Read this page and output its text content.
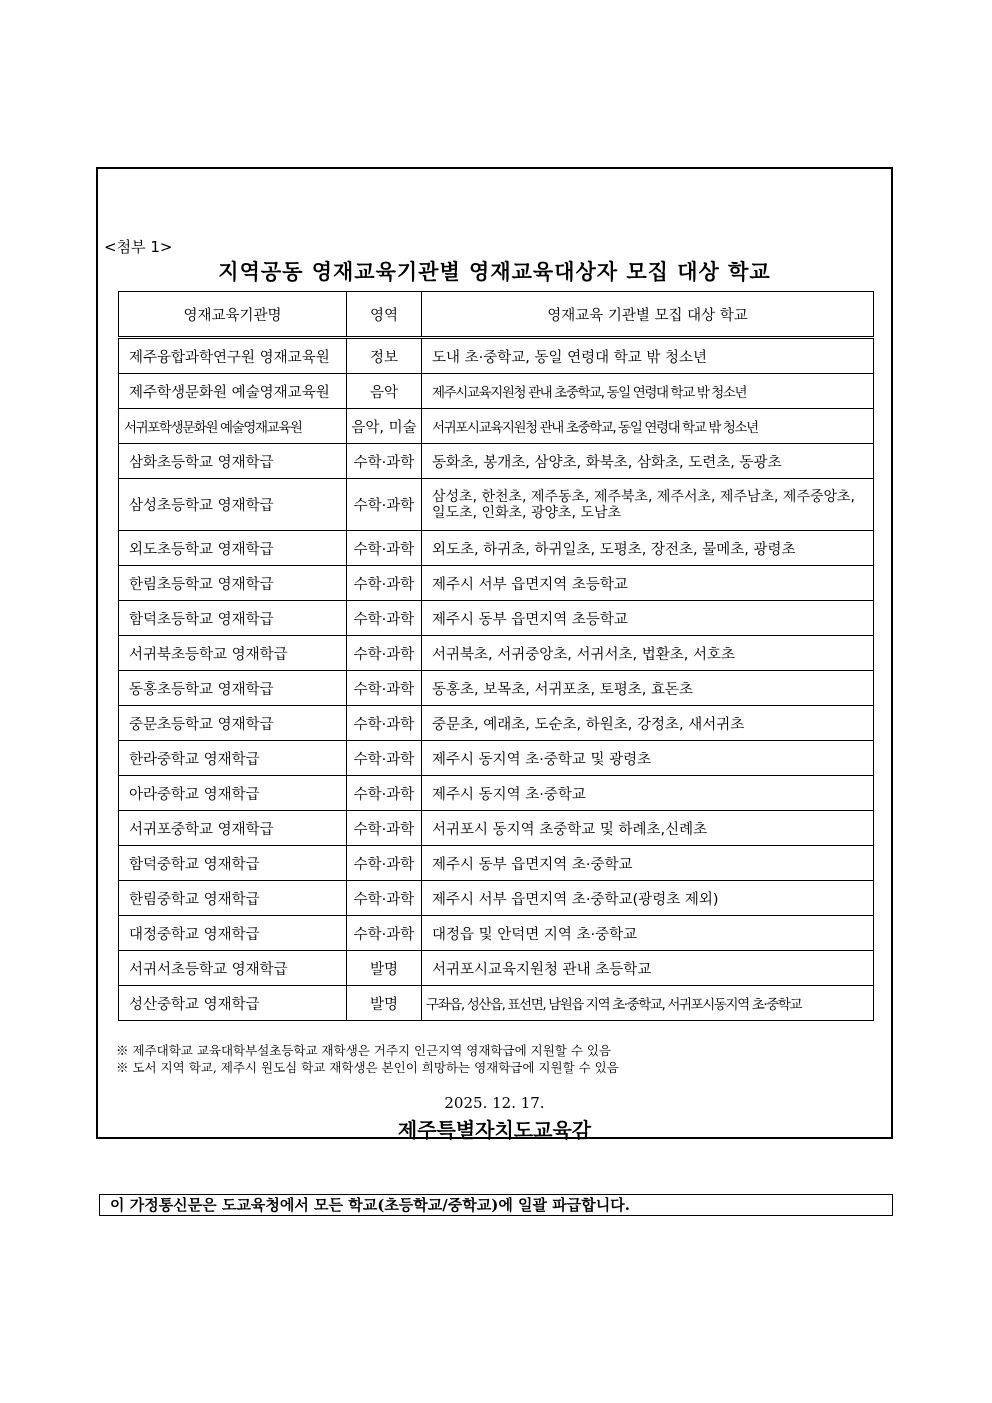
<첨부 1>
지역공동 영재교육기관별 영재교육대상자 모집 대상 학교
영재교육기관명	영역	영재교육 기관별 모집 대상 학교
제주융합과학연구원 영재교육원	정보	도내 초·중학교, 동일 연령대 학교 밖 청소년
제주학생문화원 예술영재교육원	음악	제주시교육지원청 관내 초중학교, 동일 연령대 학교 밖 청소년
서귀포학생문화원 예술영재교육원	음악, 미술	서귀포시교육지원청 관내 초중학교, 동일 연령대 학교 밖 청소년
삼화초등학교 영재학급	수학·과학	동화초, 봉개초, 삼양초, 화북초, 삼화초, 도련초, 동광초
삼성초등학교 영재학급	수학·과학	삼성초, 한천초, 제주동초, 제주북초, 제주서초, 제주남초, 제주중앙초, 일도초, 인화초, 광양초, 도남초
외도초등학교 영재학급	수학·과학	외도초, 하귀초, 하귀일초, 도평초, 장전초, 물메초, 광령초
한림초등학교 영재학급	수학·과학	제주시 서부 읍면지역 초등학교
함덕초등학교 영재학급	수학·과학	제주시 동부 읍면지역 초등학교
서귀북초등학교 영재학급	수학·과학	서귀북초, 서귀중앙초, 서귀서초, 법환초, 서호초
동홍초등학교 영재학급	수학·과학	동홍초, 보목초, 서귀포초, 토평초, 효돈초
중문초등학교 영재학급	수학·과학	중문초, 예래초, 도순초, 하원초, 강정초, 새서귀초
한라중학교 영재학급	수학·과학	제주시 동지역 초·중학교 및 광령초
아라중학교 영재학급	수학·과학	제주시 동지역 초·중학교
서귀포중학교 영재학급	수학·과학	서귀포시 동지역 초중학교 및 하례초,신례초
함덕중학교 영재학급	수학·과학	제주시 동부 읍면지역 초·중학교
한림중학교 영재학급	수학·과학	제주시 서부 읍면지역 초·중학교(광령초 제외)
대정중학교 영재학급	수학·과학	대정읍 및 안덕면 지역 초·중학교
서귀서초등학교 영재학급	발명	서귀포시교육지원청 관내 초등학교
성산중학교 영재학급	발명	구좌읍, 성산읍, 표선면, 남원읍 지역 초·중학교, 서귀포시동지역 초·중학교
※ 제주대학교 교육대학부설초등학교 재학생은 거주지 인근지역 영재학급에 지원할 수 있음
※ 도서 지역 학교, 제주시 원도심 학교 재학생은 본인이 희망하는 영재학급에 지원할 수 있음
2025. 12. 17.
제주특별자치도교육감
이 가정통신문은 도교육청에서 모든 학교(초등학교/중학교)에 일괄 파급합니다.
